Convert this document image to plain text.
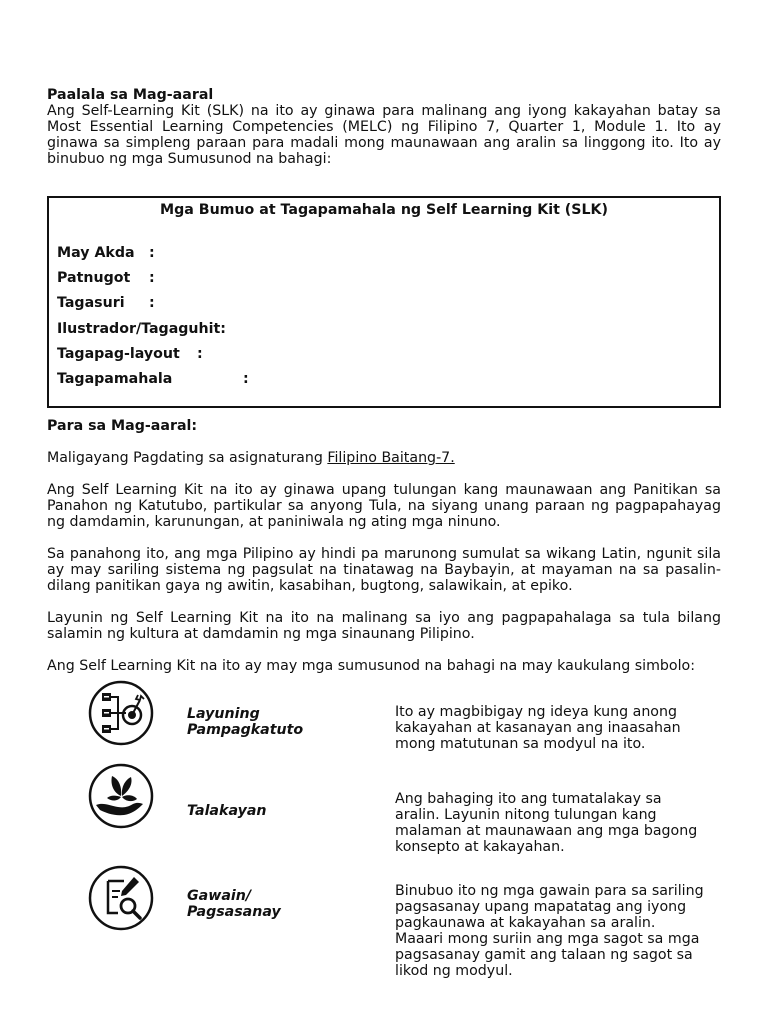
Paalala sa Mag-aaral

Ang Self-Learning Kit (SLK) na ito ay ginawa para malinang ang iyong kakayahan batay sa Most Essential Learning Competencies (MELC) ng Filipino 7, Quarter 1, Module 1. Ito ay ginawa sa simpleng paraan para madali mong maunawaan ang aralin sa linggong ito. Ito ay binubuo ng mga Sumusunod na bahagi:

Mga Bumuo at Tagapamahala ng Self Learning Kit (SLK)
May Akda :
Patnugot :
Tagasuri :
Ilustrador/Tagaguhit:
Tagapag-layout :
Tagapamahala	:
Para sa Mag-aaral:
Maligayang Pagdating sa asignaturang Filipino Baitang-7.

Ang Self Learning Kit na ito ay ginawa upang tulungan kang maunawaan ang Panitikan sa Panahon ng Katutubo, partikular sa anyong Tula, na siyang unang paraan ng pagpapahayag ng damdamin, karunungan, at paniniwala ng ating mga ninuno.

Sa panahong ito, ang mga Pilipino ay hindi pa marunong sumulat sa wikang Latin, ngunit sila ay may sariling sistema ng pagsulat na tinatawag na Baybayin, at mayaman na sa pasalin-dilang panitikan gaya ng awitin, kasabihan, bugtong, salawikain, at epiko.

Layunin ng Self Learning Kit na ito na malinang sa iyo ang pagpapahalaga sa tula bilang salamin ng kultura at damdamin ng mga sinaunang Pilipino.

Ang Self Learning Kit na ito ay may mga sumusunod na bahagi na may kaukulang simbolo:

Layuning
Pampagkatuto
Ito ay magbibigay ng ideya kung anong kakayahan at kasanayan ang inaasahan mong matutunan sa modyul na ito.
Talakayan
Ang bahaging ito ang tumatalakay sa aralin. Layunin nitong tulungan kang malaman at maunawaan ang mga bagong konsepto at kakayahan.
Gawain/
Pagsasanay
Binubuo ito ng mga gawain para sa sariling pagsasanay upang mapatatag ang iyong pagkaunawa at kakayahan sa aralin. Maaari mong suriin ang mga sagot sa mga pagsasanay gamit ang talaan ng sagot sa likod ng modyul.
